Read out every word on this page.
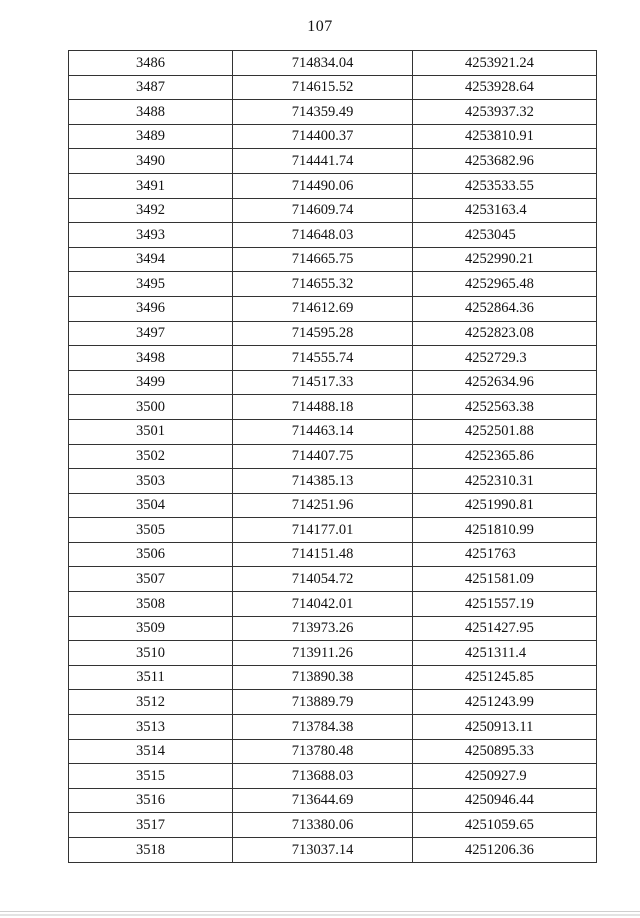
107
3486	714834.04	4253921.24
3487	714615.52	4253928.64
3488	714359.49	4253937.32
3489	714400.37	4253810.91
3490	714441.74	4253682.96
3491	714490.06	4253533.55
3492	714609.74	4253163.4
3493	714648.03	4253045
3494	714665.75	4252990.21
3495	714655.32	4252965.48
3496	714612.69	4252864.36
3497	714595.28	4252823.08
3498	714555.74	4252729.3
3499	714517.33	4252634.96
3500	714488.18	4252563.38
3501	714463.14	4252501.88
3502	714407.75	4252365.86
3503	714385.13	4252310.31
3504	714251.96	4251990.81
3505	714177.01	4251810.99
3506	714151.48	4251763
3507	714054.72	4251581.09
3508	714042.01	4251557.19
3509	713973.26	4251427.95
3510	713911.26	4251311.4
3511	713890.38	4251245.85
3512	713889.79	4251243.99
3513	713784.38	4250913.11
3514	713780.48	4250895.33
3515	713688.03	4250927.9
3516	713644.69	4250946.44
3517	713380.06	4251059.65
3518	713037.14	4251206.36
